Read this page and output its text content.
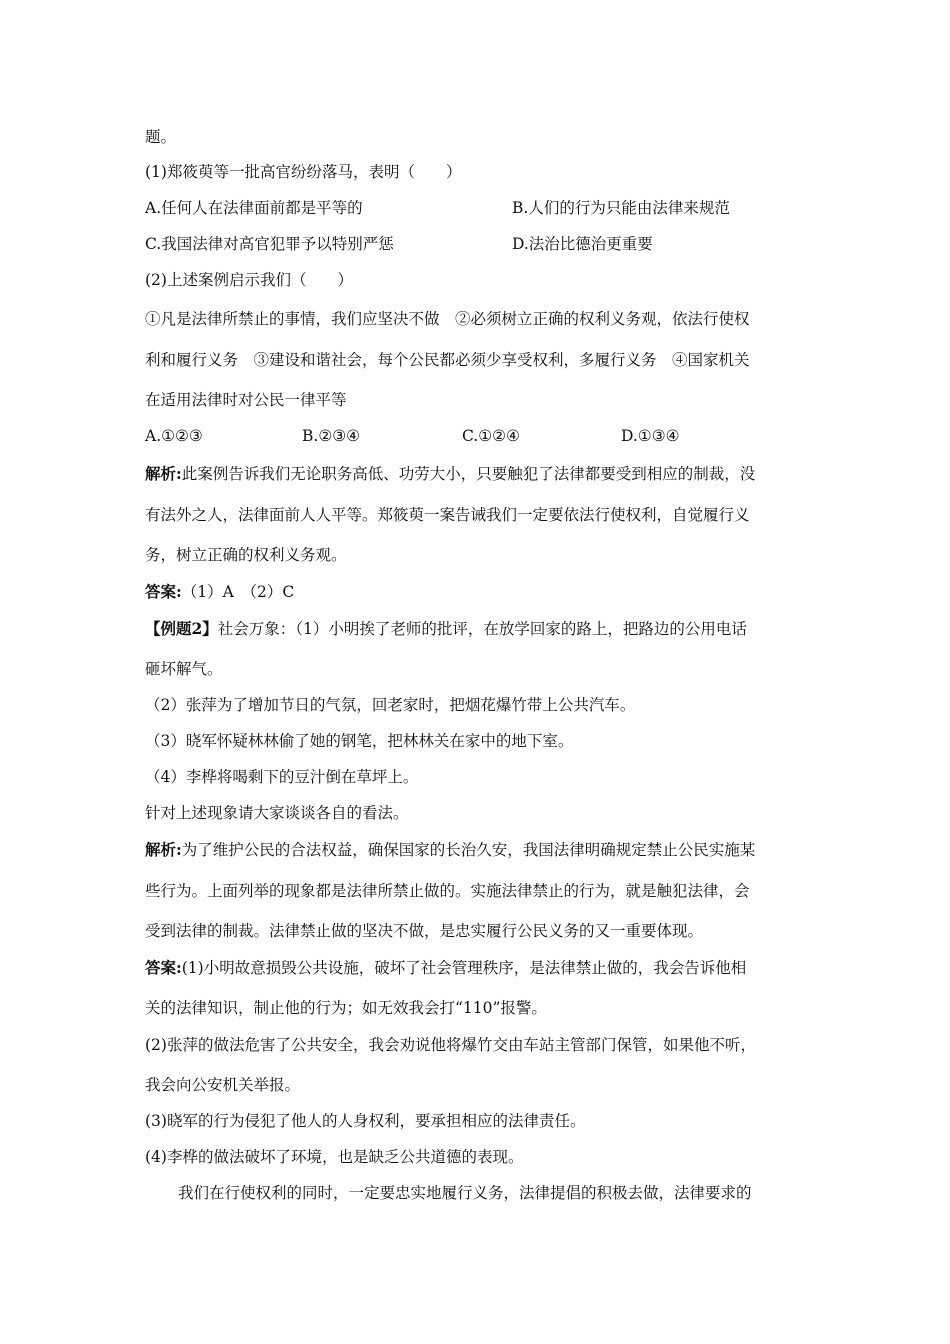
题。
(1)郑筱萸等一批高官纷纷落马，表明（　　）
A.任何人在法律面前都是平等的	B.人们的行为只能由法律来规范
C.我国法律对高官犯罪予以特别严惩	D.法治比德治更重要
(2)上述案例启示我们（　　）
①凡是法律所禁止的事情，我们应坚决不做　②必须树立正确的权利义务观，依法行使权
利和履行义务　③建设和谐社会，每个公民都必须少享受权利，多履行义务　④国家机关
在适用法律时对公民一律平等
A.①②③	B.②③④	C.①②④	D.①③④
解析:此案例告诉我们无论职务高低、功劳大小，只要触犯了法律都要受到相应的制裁，没
有法外之人，法律面前人人平等。郑筱萸一案告诫我们一定要依法行使权利，自觉履行义
务，树立正确的权利义务观。
答案:（1）A　（2）C
【例题2】社会万象：（1）小明挨了老师的批评，在放学回家的路上，把路边的公用电话
砸坏解气。
（2）张萍为了增加节日的气氛，回老家时，把烟花爆竹带上公共汽车。
（3）晓军怀疑林林偷了她的钢笔，把林林关在家中的地下室。
（4）李桦将喝剩下的豆汁倒在草坪上。
针对上述现象请大家谈谈各自的看法。
解析:为了维护公民的合法权益，确保国家的长治久安，我国法律明确规定禁止公民实施某
些行为。上面列举的现象都是法律所禁止做的。实施法律禁止的行为，就是触犯法律，会
受到法律的制裁。法律禁止做的坚决不做，是忠实履行公民义务的又一重要体现。
答案:(1)小明故意损毁公共设施，破坏了社会管理秩序，是法律禁止做的，我会告诉他相
关的法律知识，制止他的行为；如无效我会打“110”报警。
(2)张萍的做法危害了公共安全，我会劝说他将爆竹交由车站主管部门保管，如果他不听，
我会向公安机关举报。
(3)晓军的行为侵犯了他人的人身权利，要承担相应的法律责任。
(4)李桦的做法破坏了环境，也是缺乏公共道德的表现。
我们在行使权利的同时，一定要忠实地履行义务，法律提倡的积极去做，法律要求的
